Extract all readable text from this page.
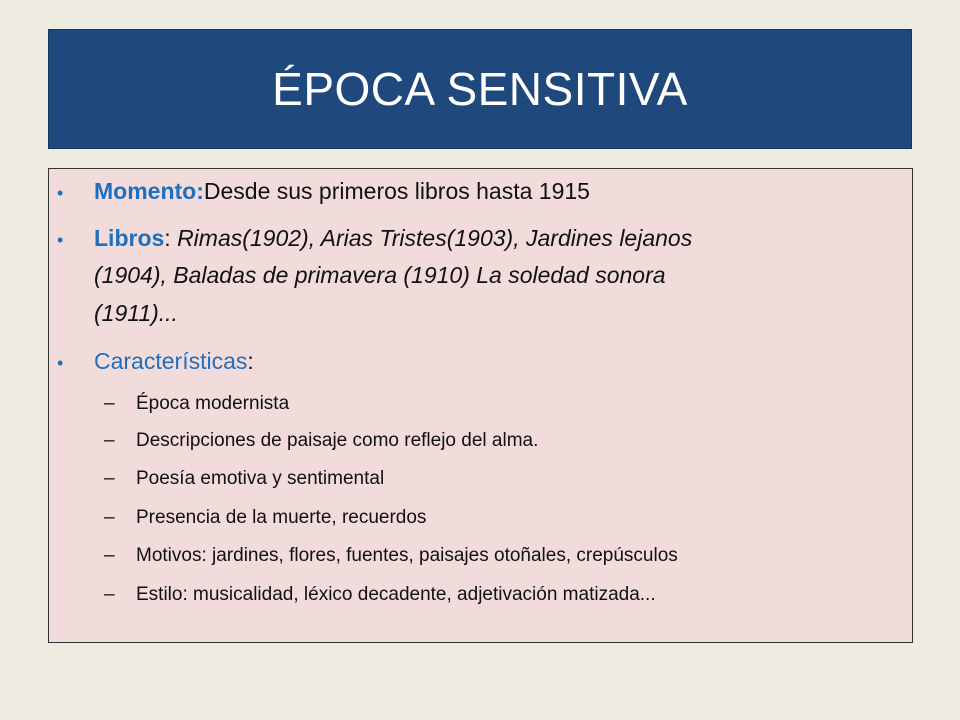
ÉPOCA SENSITIVA
• Momento:Desde sus primeros libros hasta 1915
• Libros: Rimas(1902), Arias Tristes(1903), Jardines lejanos
(1904), Baladas de primavera (1910) La soledad sonora
(1911)...
• Características:
– Época modernista
– Descripciones de paisaje como reflejo del alma.
– Poesía emotiva y sentimental
– Presencia de la muerte, recuerdos
– Motivos: jardines, flores, fuentes, paisajes otoñales, crepúsculos
– Estilo: musicalidad, léxico decadente, adjetivación matizada...
